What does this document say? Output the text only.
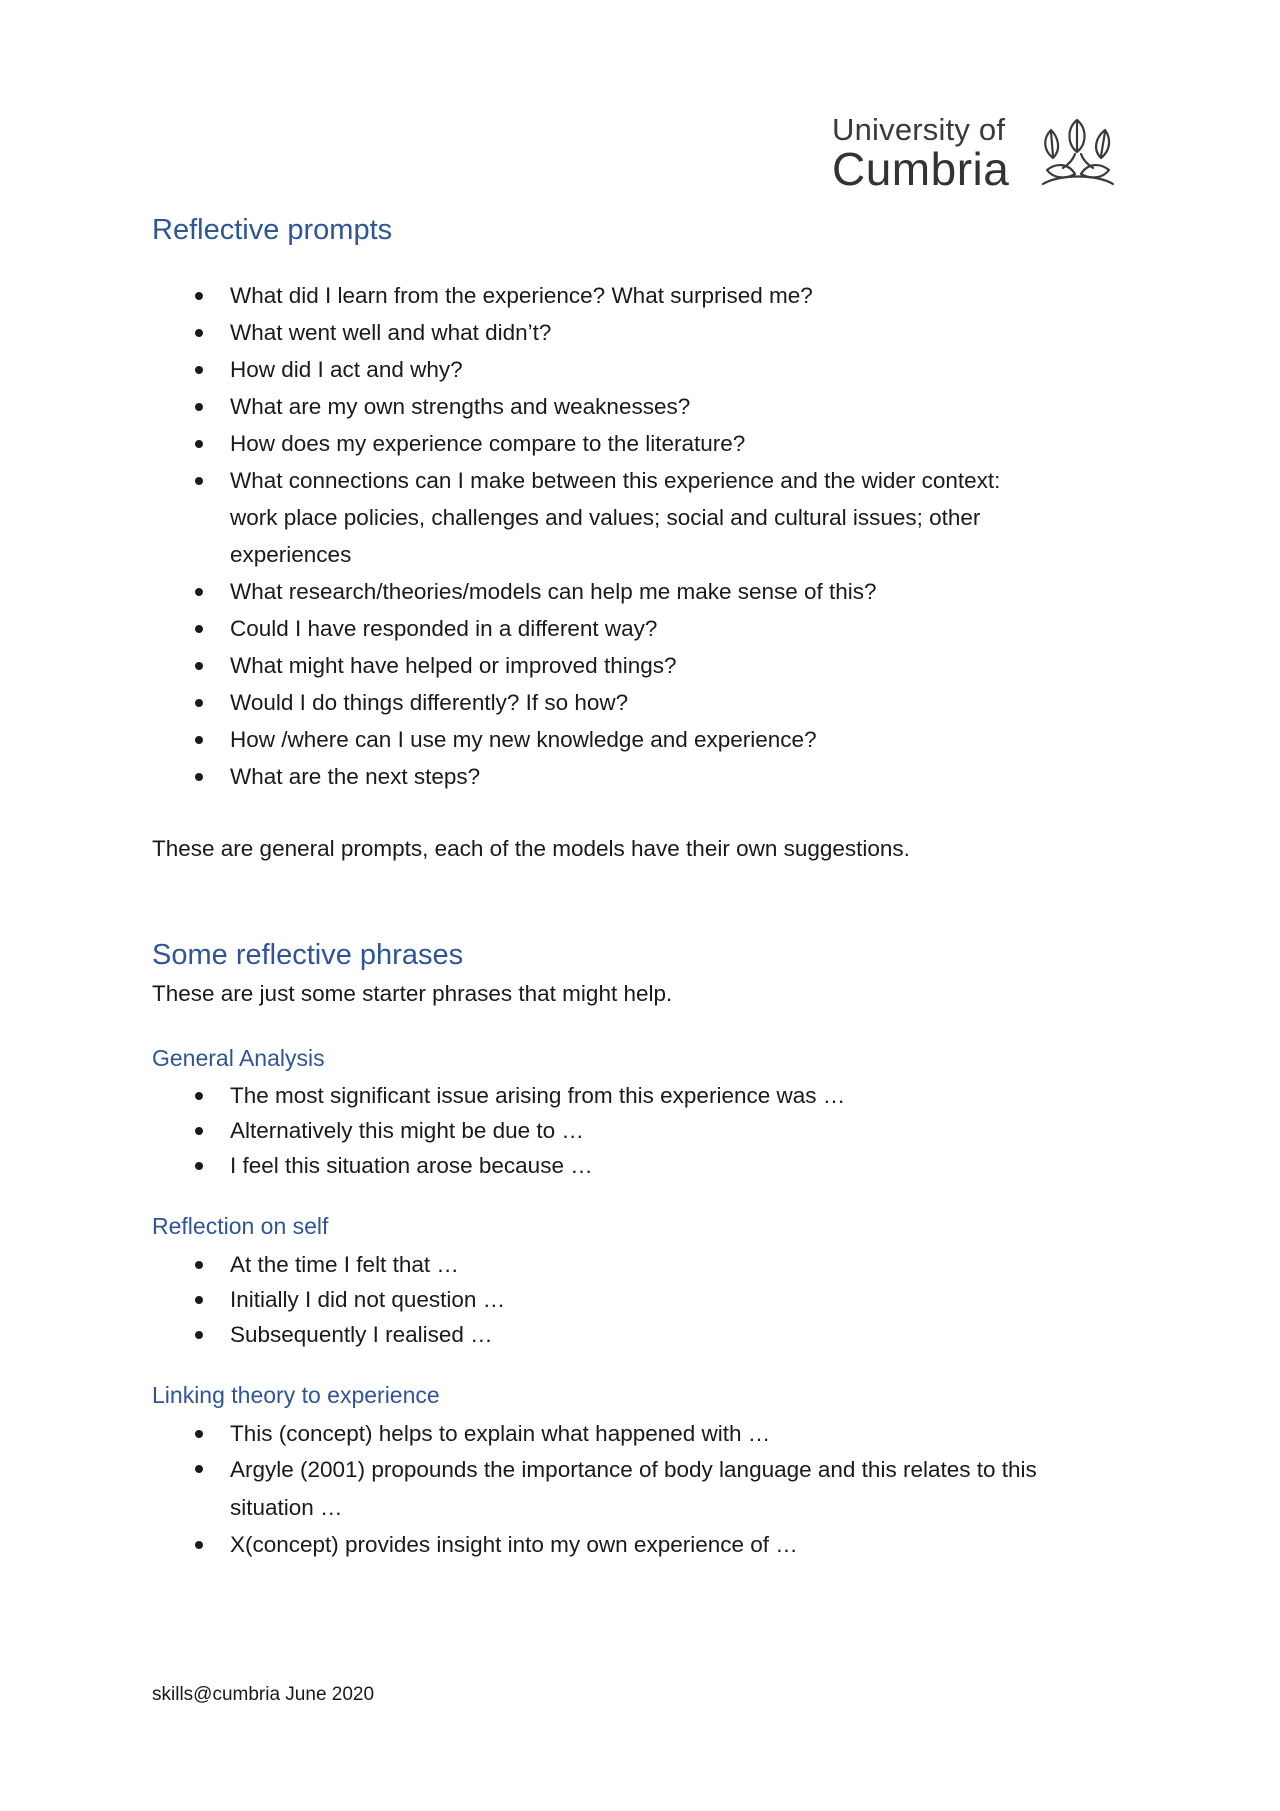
University of
Cumbria
Reflective prompts
What did I learn from the experience? What surprised me?
What went well and what didn’t?
How did I act and why?
What are my own strengths and weaknesses?
How does my experience compare to the literature?
What connections can I make between this experience and the wider context:
work place policies, challenges and values; social and cultural issues; other
experiences
What research/theories/models can help me make sense of this?
Could I have responded in a different way?
What might have helped or improved things?
Would I do things differently? If so how?
How /where can I use my new knowledge and experience?
What are the next steps?
These are general prompts, each of the models have their own suggestions.
Some reflective phrases
These are just some starter phrases that might help.
General Analysis
The most significant issue arising from this experience was …
Alternatively this might be due to …
I feel this situation arose because …
Reflection on self
At the time I felt that …
Initially I did not question …
Subsequently I realised …
Linking theory to experience
This (concept) helps to explain what happened with …
Argyle (2001) propounds the importance of body language and this relates to this
situation …
X(concept) provides insight into my own experience of …
skills@cumbria June 2020
